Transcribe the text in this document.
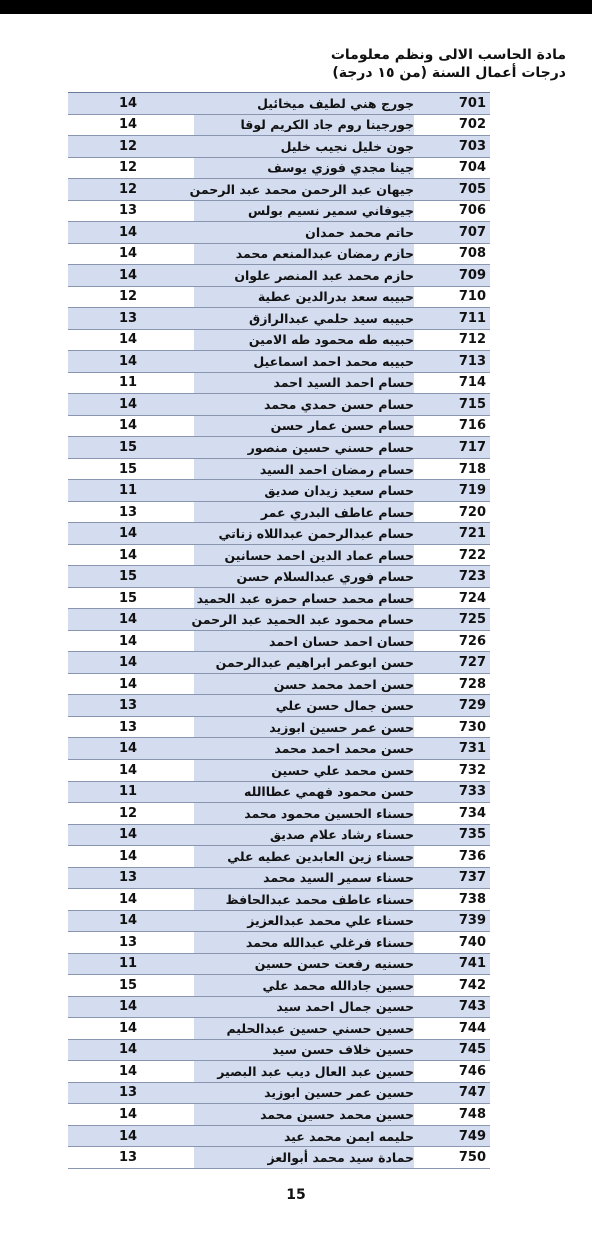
مادة الحاسب الالى ونظم معلومات
درجات أعمال السنة (من ١٥ درجة)
701
جورج هني لطيف ميخائيل
14
702
جورجينا روم جاد الكريم لوقا
14
703
جون خليل نجيب خليل
12
704
جينا مجدي فوزي يوسف
12
705
جيهان عبد الرحمن محمد عبد الرحمن
12
706
جيوفاني سمير نسيم بولس
13
707
حاتم محمد حمدان
14
708
حازم رمضان عبدالمنعم محمد
14
709
حازم محمد عبد المنصر علوان
14
710
حبيبه سعد بدرالدين عطية
12
711
حبيبه سيد حلمي عبدالرازق
13
712
حبيبه طه محمود طه الامين
14
713
حبيبه محمد احمد اسماعيل
14
714
حسام احمد السيد احمد
11
715
حسام حسن حمدي محمد
14
716
حسام حسن عمار حسن
14
717
حسام حسني حسين منصور
15
718
حسام رمضان احمد السيد
15
719
حسام سعيد زيدان صديق
11
720
حسام عاطف البدري عمر
13
721
حسام عبدالرحمن عبداللاه زناتي
14
722
حسام عماد الدين احمد حسانين
14
723
حسام فوري عبدالسلام حسن
15
724
حسام محمد حسام حمزه عبد الحميد
15
725
حسام محمود عبد الحميد عبد الرحمن
14
726
حسان احمد حسان احمد
14
727
حسن ابوعمر ابراهيم عبدالرحمن
14
728
حسن احمد محمد حسن
14
729
حسن جمال حسن علي
13
730
حسن عمر حسين ابوزيد
13
731
حسن محمد احمد محمد
14
732
حسن محمد علي حسين
14
733
حسن محمود فهمي عطاالله
11
734
حسناء الحسين محمود محمد
12
735
حسناء رشاد علام صديق
14
736
حسناء زين العابدين عطيه علي
14
737
حسناء سمير السيد محمد
13
738
حسناء عاطف محمد عبدالحافظ
14
739
حسناء علي محمد عبدالعزيز
14
740
حسناء فرغلي عبدالله محمد
13
741
حسنيه رفعت حسن حسين
11
742
حسين جادالله محمد علي
15
743
حسين جمال احمد سيد
14
744
حسين حسني حسين عبدالحليم
14
745
حسين خلاف حسن سيد
14
746
حسين عبد العال ديب عبد البصير
14
747
حسين عمر حسين ابوزيد
13
748
حسين محمد حسين محمد
14
749
حليمه ايمن محمد عيد
14
750
حمادة سيد محمد أبوالعز
13
15
